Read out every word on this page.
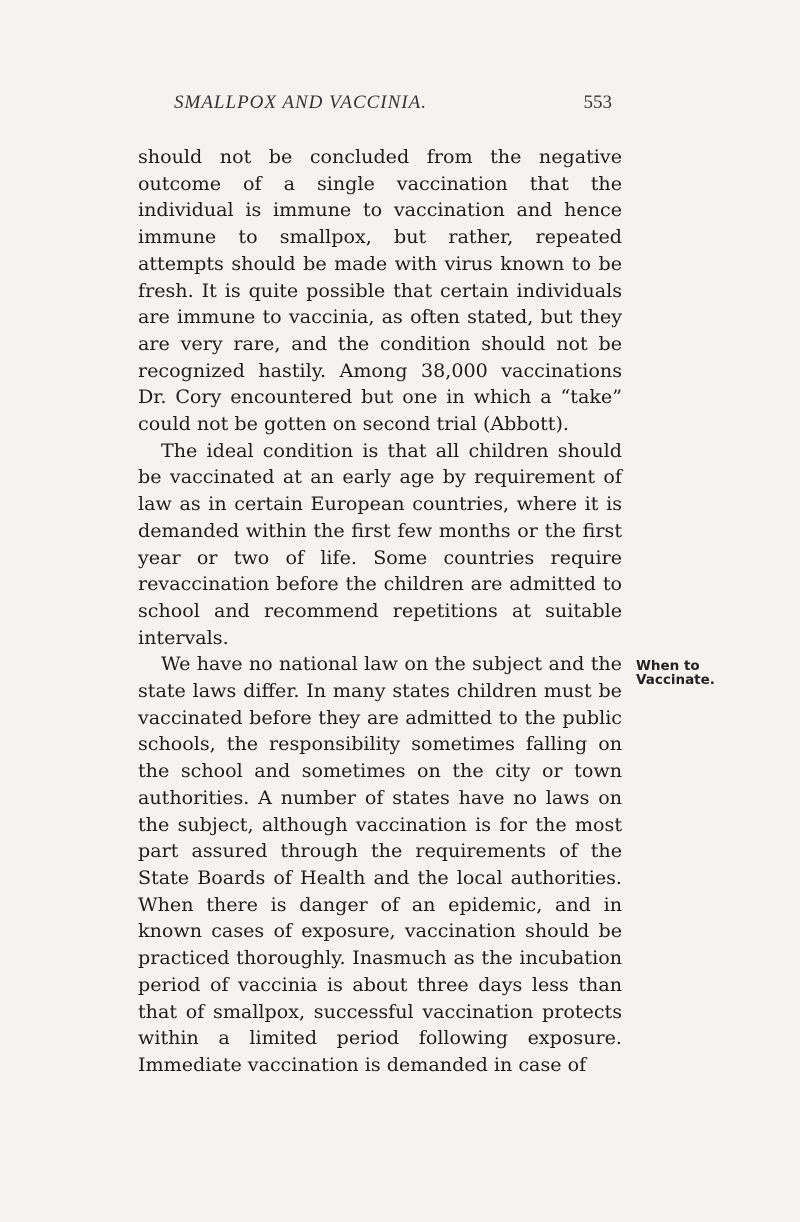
SMALLPOX AND VACCINIA.	553

should not be concluded from the negative outcome of a single vaccination that the individual is immune to vaccination and hence immune to smallpox, but rather, repeated attempts should be made with virus known to be fresh. It is quite possible that certain individuals are immune to vaccinia, as often stated, but they are very rare, and the condition should not be recognized hastily. Among 38,000 vaccinations Dr. Cory encountered but one in which a “take” could not be gotten on second trial (Abbott).

The ideal condition is that all children should be vaccinated at an early age by requirement of law as in certain European countries, where it is demanded within the first few months or the first year or two of life. Some countries require revaccination before the children are admitted to school and recommend repetitions at suitable intervals.

We have no national law on the subject and the state laws differ. In many states children must be vaccinated before they are admitted to the public schools, the responsibility sometimes falling on the school and sometimes on the city or town authorities. A number of states have no laws on the subject, although vaccination is for the most part assured through the requirements of the State Boards of Health and the local authorities. When there is danger of an epidemic, and in known cases of exposure, vaccination should be practiced thoroughly. Inasmuch as the incubation period of vaccinia is about three days less than that of smallpox, successful vaccination protects within a limited period following exposure. Immediate vaccination is demanded in case of

When to
Vaccinate.
